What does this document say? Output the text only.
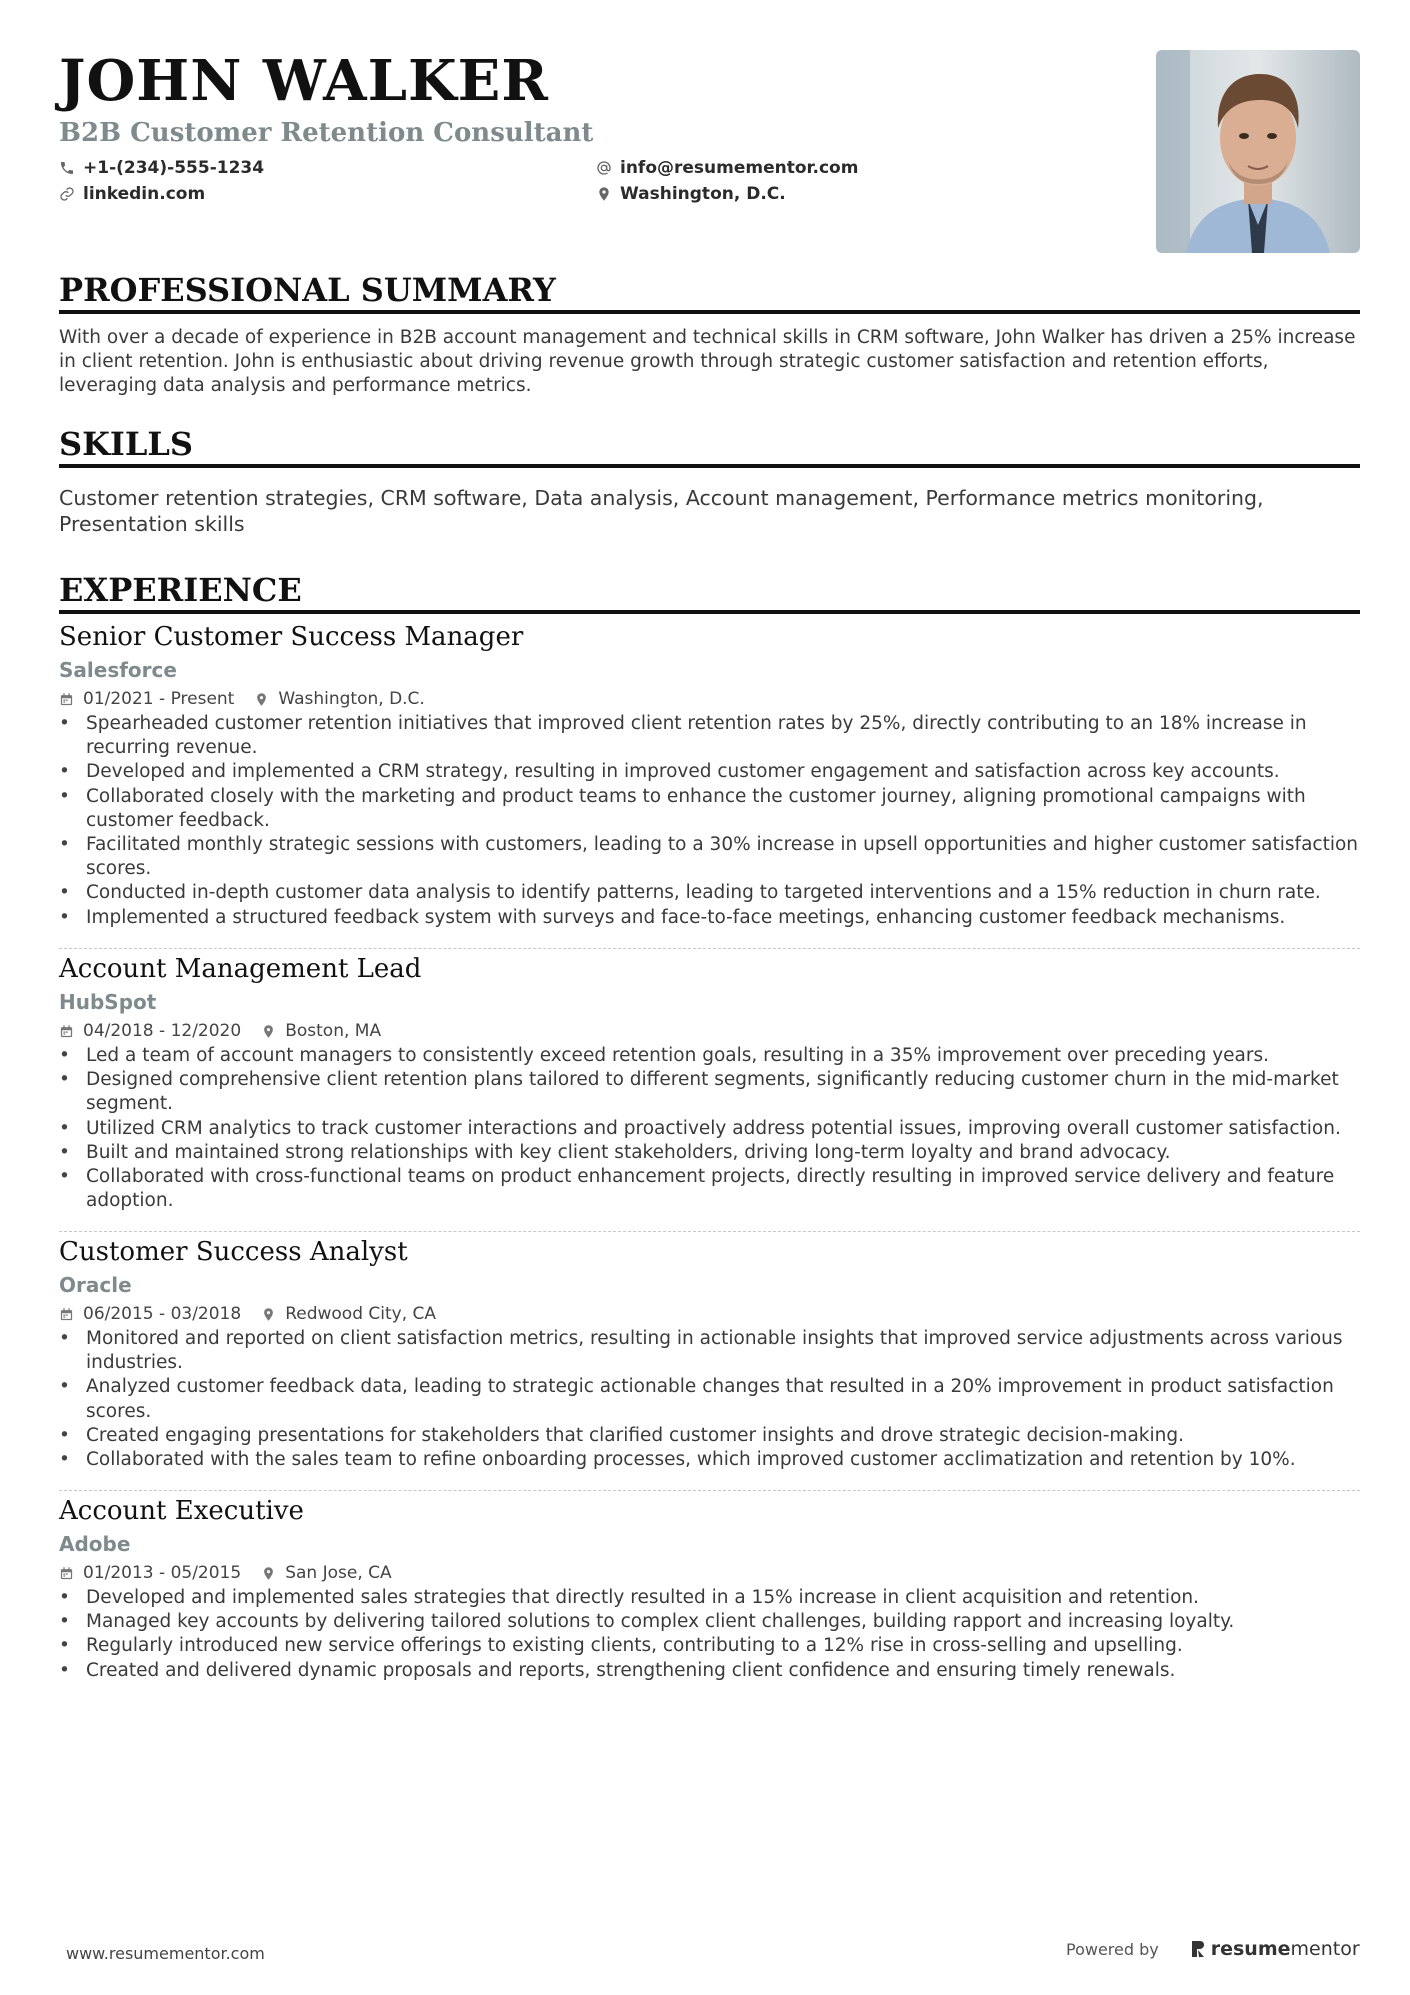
JOHN WALKER
B2B Customer Retention Consultant
+1-(234)-555-1234	info@resumementor.com
linkedin.com	Washington, D.C.
PROFESSIONAL SUMMARY
With over a decade of experience in B2B account management and technical skills in CRM software, John Walker has driven a 25% increase in client retention. John is enthusiastic about driving revenue growth through strategic customer satisfaction and retention efforts, leveraging data analysis and performance metrics.
SKILLS
Customer retention strategies, CRM software, Data analysis, Account management, Performance metrics monitoring, Presentation skills
EXPERIENCE
Senior Customer Success Manager
Salesforce
01/2021 - Present	Washington, D.C.
• Spearheaded customer retention initiatives that improved client retention rates by 25%, directly contributing to an 18% increase in recurring revenue.
• Developed and implemented a CRM strategy, resulting in improved customer engagement and satisfaction across key accounts.
• Collaborated closely with the marketing and product teams to enhance the customer journey, aligning promotional campaigns with customer feedback.
• Facilitated monthly strategic sessions with customers, leading to a 30% increase in upsell opportunities and higher customer satisfaction scores.
• Conducted in-depth customer data analysis to identify patterns, leading to targeted interventions and a 15% reduction in churn rate.
• Implemented a structured feedback system with surveys and face-to-face meetings, enhancing customer feedback mechanisms.
Account Management Lead
HubSpot
04/2018 - 12/2020	Boston, MA
• Led a team of account managers to consistently exceed retention goals, resulting in a 35% improvement over preceding years.
• Designed comprehensive client retention plans tailored to different segments, significantly reducing customer churn in the mid-market segment.
• Utilized CRM analytics to track customer interactions and proactively address potential issues, improving overall customer satisfaction.
• Built and maintained strong relationships with key client stakeholders, driving long-term loyalty and brand advocacy.
• Collaborated with cross-functional teams on product enhancement projects, directly resulting in improved service delivery and feature adoption.
Customer Success Analyst
Oracle
06/2015 - 03/2018	Redwood City, CA
• Monitored and reported on client satisfaction metrics, resulting in actionable insights that improved service adjustments across various industries.
• Analyzed customer feedback data, leading to strategic actionable changes that resulted in a 20% improvement in product satisfaction scores.
• Created engaging presentations for stakeholders that clarified customer insights and drove strategic decision-making.
• Collaborated with the sales team to refine onboarding processes, which improved customer acclimatization and retention by 10%.
Account Executive
Adobe
01/2013 - 05/2015	San Jose, CA
• Developed and implemented sales strategies that directly resulted in a 15% increase in client acquisition and retention.
• Managed key accounts by delivering tailored solutions to complex client challenges, building rapport and increasing loyalty.
• Regularly introduced new service offerings to existing clients, contributing to a 12% rise in cross-selling and upselling.
• Created and delivered dynamic proposals and reports, strengthening client confidence and ensuring timely renewals.
www.resumementor.com	Powered by	resume mentor
